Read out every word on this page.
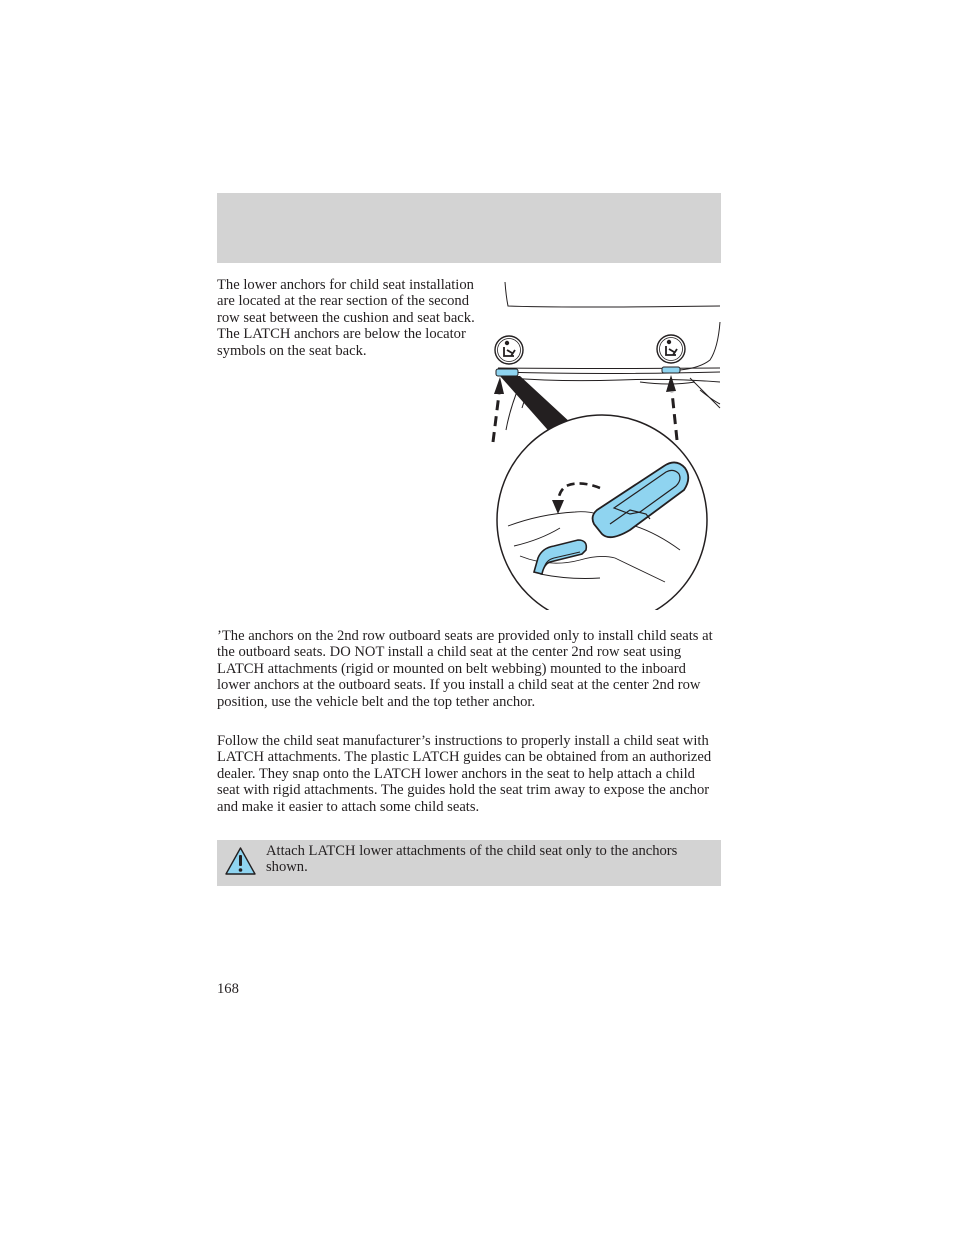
The lower anchors for child seat installation are located at the rear section of the second row seat between the cushion and seat back. The LATCH anchors are below the locator symbols on the seat back.

’The anchors on the 2nd row outboard seats are provided only to install child seats at the outboard seats. DO NOT install a child seat at the center 2nd row seat using LATCH attachments (rigid or mounted on belt webbing) mounted to the inboard lower anchors at the outboard seats. If you install a child seat at the center 2nd row position, use the vehicle belt and the top tether anchor.

Follow the child seat manufacturer’s instructions to properly install a child seat with LATCH attachments. The plastic LATCH guides can be obtained from an authorized dealer. They snap onto the LATCH lower anchors in the seat to help attach a child seat with rigid attachments. The guides hold the seat trim away to expose the anchor and make it easier to attach some child seats.

Attach LATCH lower attachments of the child seat only to the anchors shown.

168
